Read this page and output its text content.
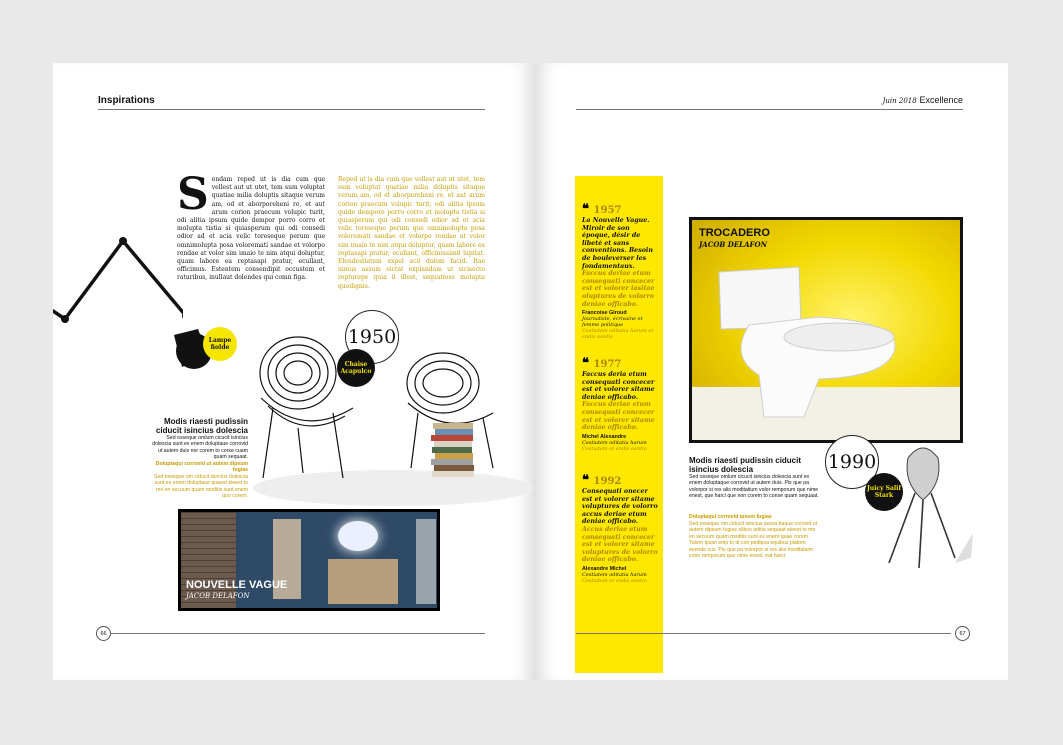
Inspirations
Sendam reped ut is dia cum que vellest aut ut utet, tem sum voluptat quatiae milia doluptis sitaque verum am, od et aborporeheni re, et aut arum corion praecum volupic turit, odi alitia ipsum quide dempor porro corro et molupta tistia si quiasperum qui odi consedi odior ad et acia velic toreseque perum que omnimolupta posa voloremati sandae et volorpo rendae at volor sim imaio te nim atqui doluptur, quam labore ea reptasapi pratur, ecullant, officimus. Estentem consendipit occustem et raturibus, inullaut dolendes qui comn figa.
Reped ut is dia cum que vellest aut ut utet, tem sum voluptat quatiae milia doluptis sitaque verum am, od et aborporeheni re, et aut arum corion praecum volupic turit, odi alitia ipsum quide dempore porro corro et molupta tistia si quiasperum qui odi consedi odior ad et acia velic toreseque perum que omnimolupta posa voloremati sandae et volorpo rendae at volor sim imaio te nim atqui doluptur, quam labore ea reptasapi pratur, ecullant, officimusimil lupitat. Elendestiatem expel acii dolom facid. Itae nimus assum eictat explandam ut sicisecto repturepe quia il illest, sequatiose molupta quodignis.
Lampe fiolde	1950
Chaise Acapulco
Modis riaesti pudissin ciducit isincius dolescia
Sed osseque omlum cicucit isincius dolescia sunt ex enem doluptaue corrovid ut autem duis nor corem to corse cuam quam sequaat.
Doluptaqui corrovid ut autem dipeum fugias
Sed esseque om ciducit isincius dolescia sunt ex enem doluptaue quaest eleest to mo en secuum quam moditis sunt enem quo corem.
NOUVELLE VAGUE
JACOB DELAFON
66
Juin 2018 Excellence
❝ 1957
La Nouvelle Vague. Miroir de son époque, désir de libeté et sans conventions. Besoin de bouleverser les fondamentaux.
Faccus deriae etum consequati concecer est et volorer iasitae oluptures de volorro deniae officabo.
Francoise Giroud
Journaliste, écrivaine et femme politique
Cestiatem oditatia harum et endis aantio
❝ 1977
Faccus deria etum consequati concecer est et volorer sitame deniae officabo.
Faccus deriae etum consequati concecer est et volorer sitame deniae officabo.
Michel Alexandre
Cestiatem oditatia harum
Cestiatem et endis aantio
❝ 1992
Consequati onecer est et volorer sitame voluptures de volorro accus deriae etum deniae officabo.
Accus deriae etum consequati concecer est et volorer sitame voluptures de volorro deniae officabo.
Alexandre Michel
Cestiatem oditatia harum
Cestiatem et endis aantio
TROCADERO
JACOB DELAFON
Modis riaesti pudissin ciducit isincius dolescia
Sed osseque omlum cicucit isincius dolescia sunt ex enem doluptaque corrovid ut autem duis. Pis que pa volorpor si res alis moditatium volor remporum que nime enest, que harci que non corem to conse quam sequaat.
Doluptaqui corrovid ipsum fugias
Sed esseque om ciducit isincius iascia baque corovid ut autem dipsum fugias alibus aditia sequaat eleest to mo en secuum quam moditis sunt ex enem quae corem. Totem ipsan enip to di con pedipsa equibus platore evende cus. Pis que pa volorpor si res alis moditatium volor remporum que nime enest, eat harci.
1990
Juicy Salif Stark
67
